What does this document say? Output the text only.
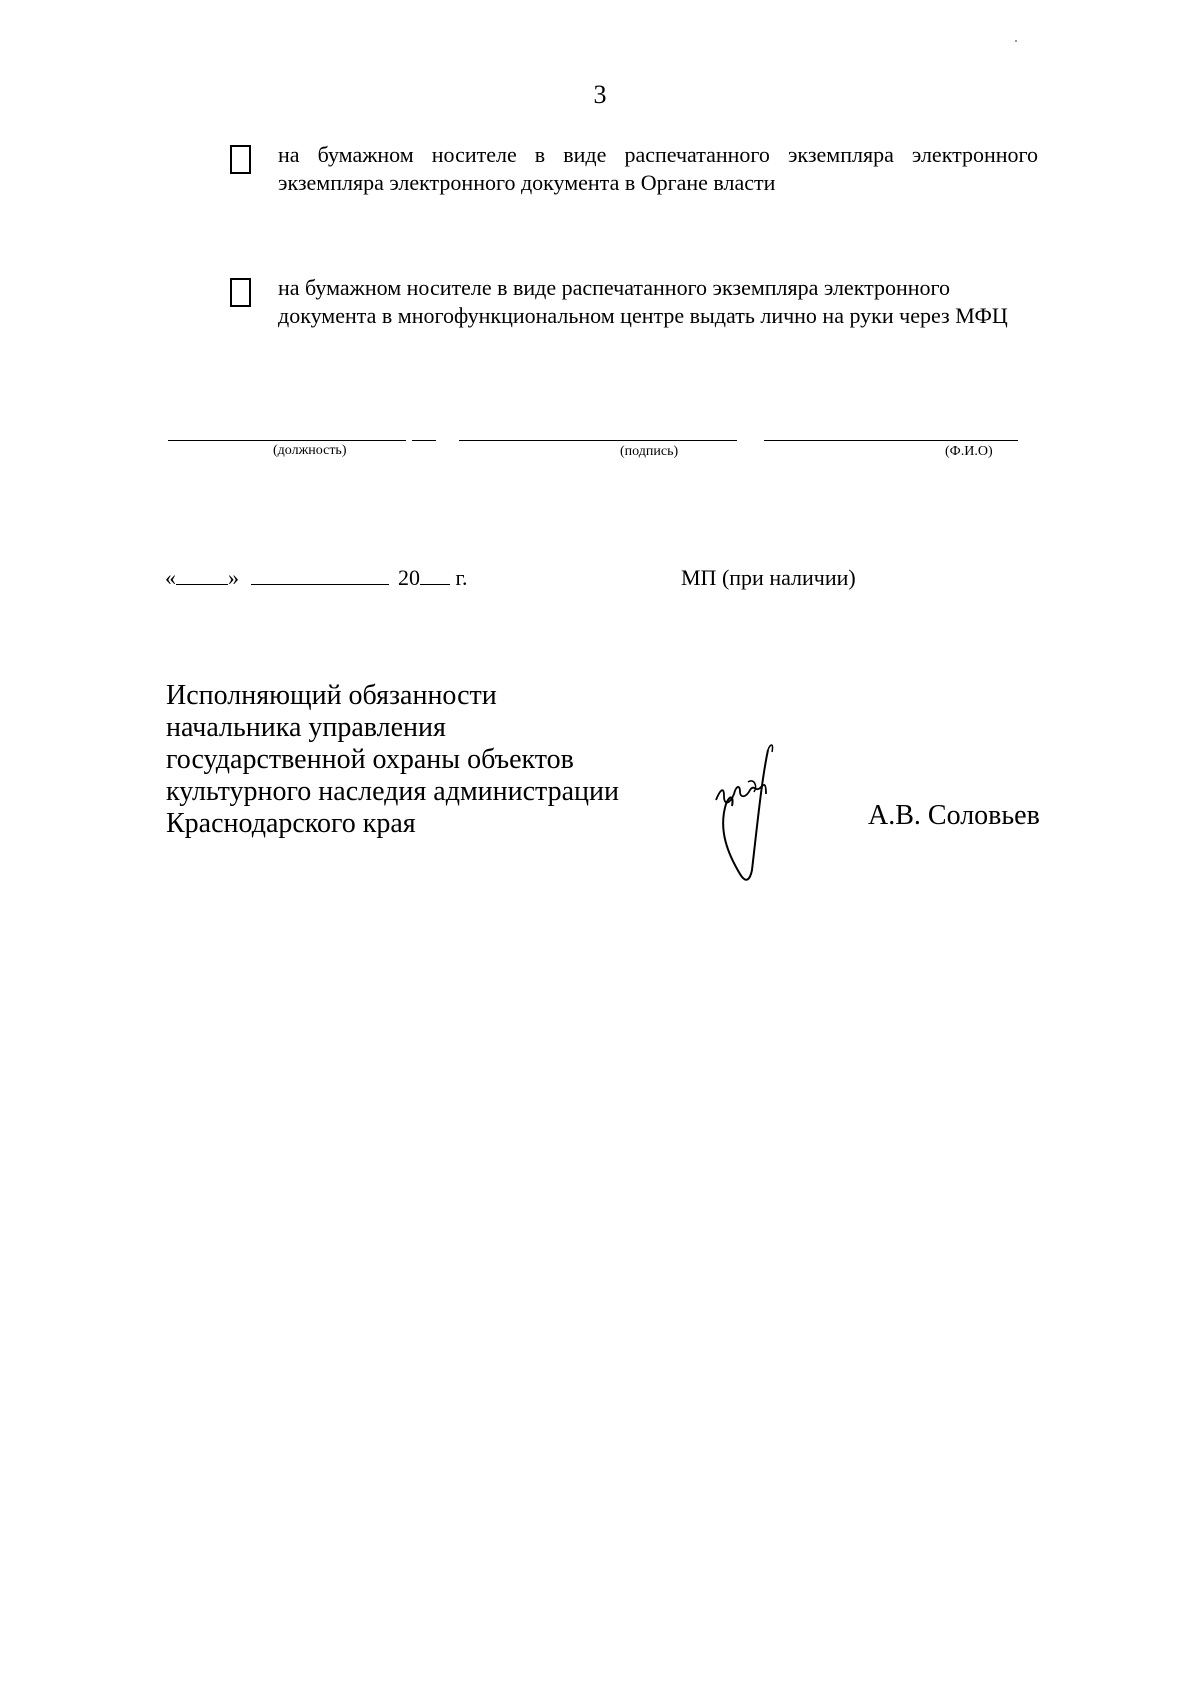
3
на бумажном носителе в виде распечатанного экземпляра электронного
экземпляра электронного документа в Органе власти
на бумажном носителе в виде распечатанного экземпляра электронного
документа в многофункциональном центре выдать лично на руки через МФЦ
(должность)	(подпись)	(Ф.И.О)
« »	20 г.	МП (при наличии)
Исполняющий обязанности
начальника управления
государственной охраны объектов
культурного наследия администрации
Краснодарского края	А.В. Соловьев
